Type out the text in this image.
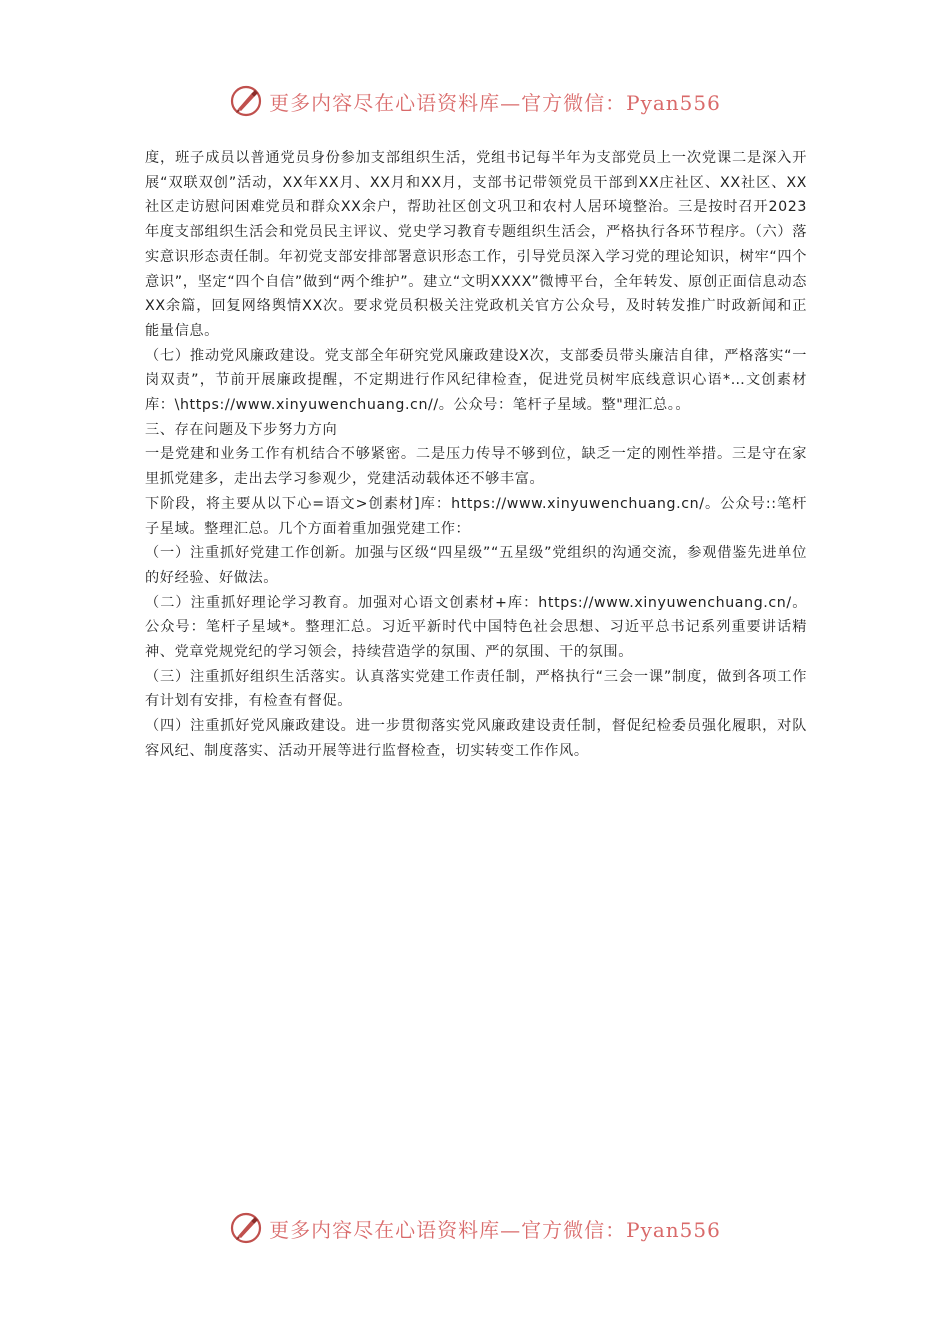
更多内容尽在心语资料库—官方微信：Pyan556

度，班子成员以普通党员身份参加支部组织生活，党组书记每半年为支部党员上一次党课二是深入开展“双联双创”活动，XX年XX月、XX月和XX月，支部书记带领党员干部到XX庄社区、XX社区、XX社区走访慰问困难党员和群众XX余户，帮助社区创文巩卫和农村人居环境整治。三是按时召开2023年度支部组织生活会和党员民主评议、党史学习教育专题组织生活会，严格执行各环节程序。（六）落实意识形态责任制。年初党支部安排部署意识形态工作，引导党员深入学习党的理论知识，树牢“四个意识”，坚定“四个自信”做到“两个维护”。建立“文明XXXX”微博平台，全年转发、原创正面信息动态XX余篇，回复网络舆情XX次。要求党员积极关注党政机关官方公众号，及时转发推广时政新闻和正能量信息。

（七）推动党风廉政建设。党支部全年研究党风廉政建设X次，支部委员带头廉洁自律，严格落实“一岗双责”，节前开展廉政提醒，不定期进行作风纪律检查，促进党员树牢底线意识心语*…文创素材库：\https://www.xinyuwenchuang.cn//。公众号：笔杆子星域。整"理汇总。。

三、存在问题及下步努力方向

一是党建和业务工作有机结合不够紧密。二是压力传导不够到位，缺乏一定的刚性举措。三是守在家里抓党建多，走出去学习参观少，党建活动载体还不够丰富。

下阶段，将主要从以下心=语文>创素材]库：https://www.xinyuwenchuang.cn/。公众号::笔杆子星域。整理汇总。几个方面着重加强党建工作：

（一）注重抓好党建工作创新。加强与区级“四星级”“五星级”党组织的沟通交流，参观借鉴先进单位的好经验、好做法。

（二）注重抓好理论学习教育。加强对心语文创素材+库：https://www.xinyuwenchuang.cn/。公众号：笔杆子星域*。整理汇总。习近平新时代中国特色社会思想、习近平总书记系列重要讲话精神、党章党规党纪的学习领会，持续营造学的氛围、严的氛围、干的氛围。

（三）注重抓好组织生活落实。认真落实党建工作责任制，严格执行“三会一课”制度，做到各项工作有计划有安排，有检查有督促。

（四）注重抓好党风廉政建设。进一步贯彻落实党风廉政建设责任制，督促纪检委员强化履职，对队容风纪、制度落实、活动开展等进行监督检查，切实转变工作作风。

更多内容尽在心语资料库—官方微信：Pyan556
